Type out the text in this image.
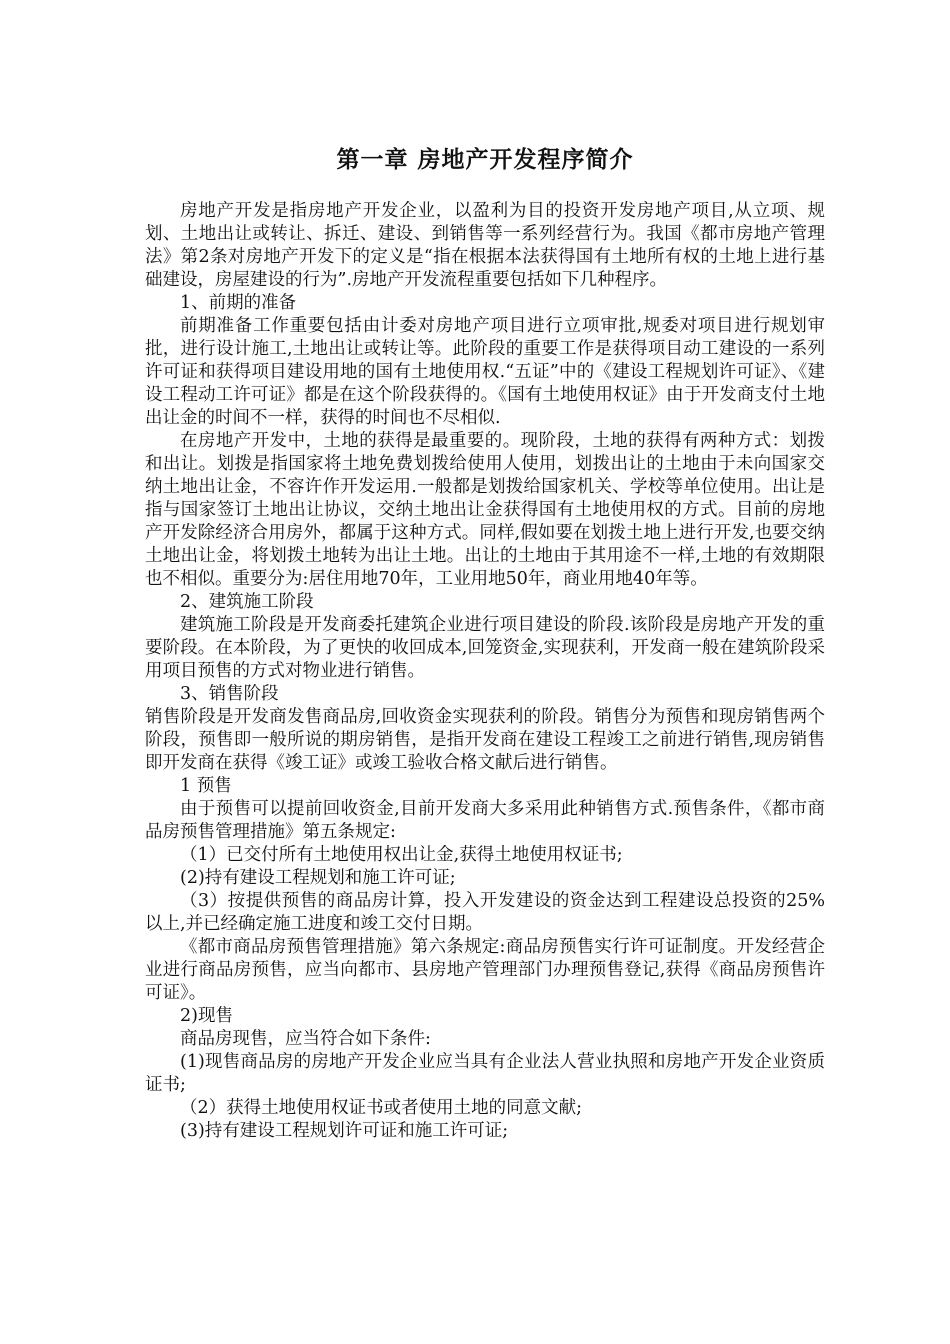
第一章 房地产开发程序简介

房地产开发是指房地产开发企业，以盈利为目的投资开发房地产项目,从立项、规划、土地出让或转让、拆迁、建设、到销售等一系列经营行为。我国《都市房地产管理法》第2条对房地产开发下的定义是“指在根据本法获得国有土地所有权的土地上进行基础建设，房屋建设的行为”.房地产开发流程重要包括如下几种程序。

1、前期的准备

前期准备工作重要包括由计委对房地产项目进行立项审批,规委对项目进行规划审批，进行设计施工,土地出让或转让等。此阶段的重要工作是获得项目动工建设的一系列许可证和获得项目建设用地的国有土地使用权.“五证”中的《建设工程规划许可证》、《建设工程动工许可证》都是在这个阶段获得的。《国有土地使用权证》由于开发商支付土地出让金的时间不一样，获得的时间也不尽相似.

在房地产开发中，土地的获得是最重要的。现阶段，土地的获得有两种方式：划拨和出让。划拨是指国家将土地免费划拨给使用人使用，划拨出让的土地由于未向国家交纳土地出让金，不容许作开发运用.一般都是划拨给国家机关、学校等单位使用。出让是指与国家签订土地出让协议，交纳土地出让金获得国有土地使用权的方式。目前的房地产开发除经济合用房外，都属于这种方式。同样,假如要在划拨土地上进行开发,也要交纳土地出让金，将划拨土地转为出让土地。出让的土地由于其用途不一样,土地的有效期限也不相似。重要分为:居住用地70年，工业用地50年，商业用地40年等。

2、建筑施工阶段

建筑施工阶段是开发商委托建筑企业进行项目建设的阶段.该阶段是房地产开发的重要阶段。在本阶段，为了更快的收回成本,回笼资金,实现获利，开发商一般在建筑阶段采用项目预售的方式对物业进行销售。

3、销售阶段

销售阶段是开发商发售商品房,回收资金实现获利的阶段。销售分为预售和现房销售两个阶段，预售即一般所说的期房销售，是指开发商在建设工程竣工之前进行销售,现房销售即开发商在获得《竣工证》或竣工验收合格文献后进行销售。

1 预售

由于预售可以提前回收资金,目前开发商大多采用此种销售方式.预售条件，《都市商品房预售管理措施》第五条规定:

（1）已交付所有土地使用权出让金,获得土地使用权证书;

(2)持有建设工程规划和施工许可证;

（3）按提供预售的商品房计算，投入开发建设的资金达到工程建设总投资的25%以上,并已经确定施工进度和竣工交付日期。

《都市商品房预售管理措施》第六条规定:商品房预售实行许可证制度。开发经营企业进行商品房预售，应当向都市、县房地产管理部门办理预售登记,获得《商品房预售许可证》。

2)现售

商品房现售，应当符合如下条件:

(1)现售商品房的房地产开发企业应当具有企业法人营业执照和房地产开发企业资质证书;

（2）获得土地使用权证书或者使用土地的同意文献;

(3)持有建设工程规划许可证和施工许可证;
